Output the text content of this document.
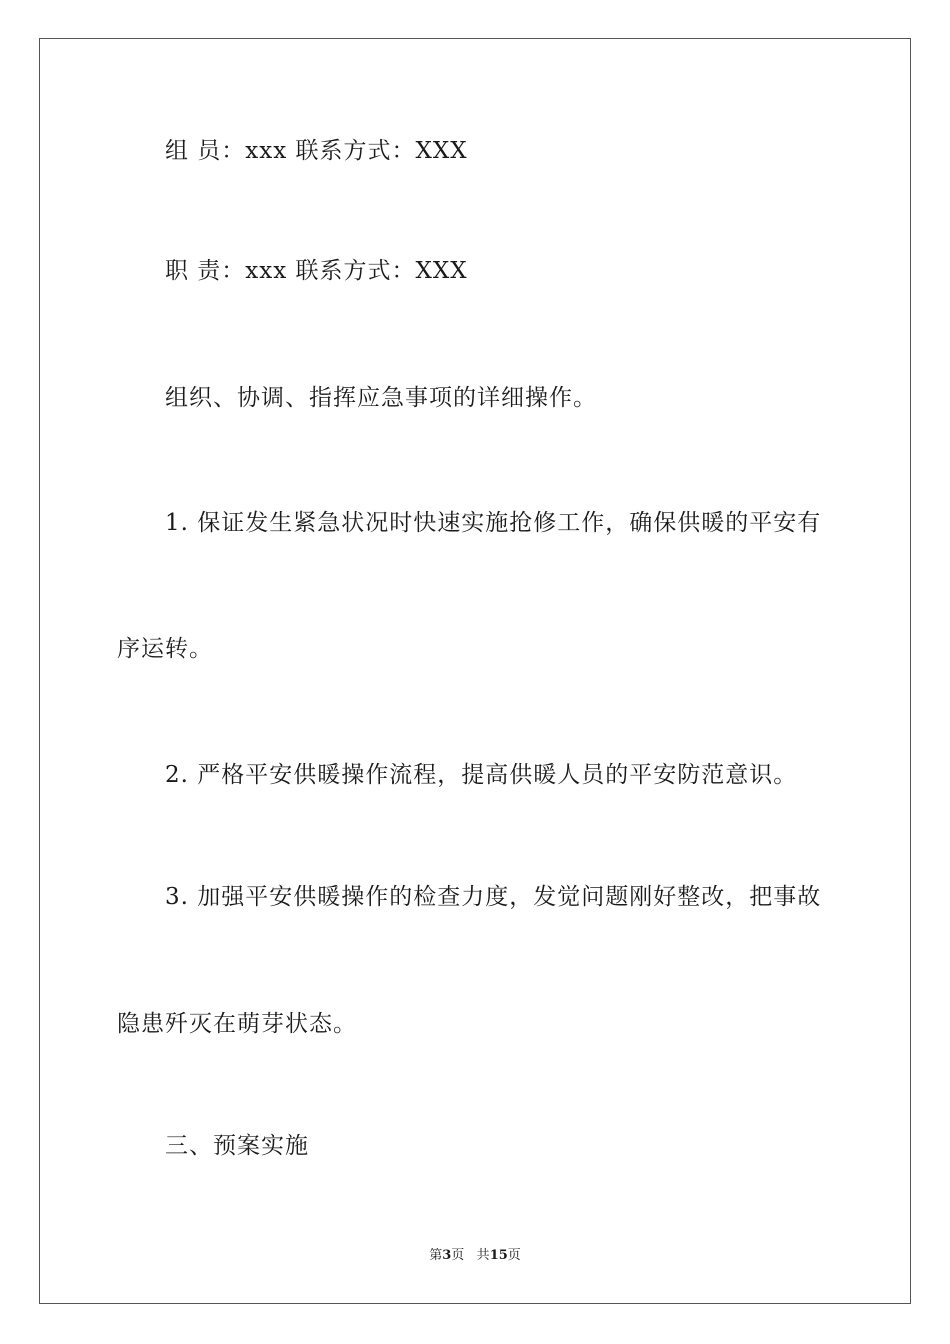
组 员：xxx 联系方式：XXX
职 责：xxx 联系方式：XXX
组织、协调、指挥应急事项的详细操作。
1. 保证发生紧急状况时快速实施抢修工作，确保供暖的平安有
序运转。
2. 严格平安供暖操作流程，提高供暖人员的平安防范意识。
3. 加强平安供暖操作的检查力度，发觉问题刚好整改，把事故
隐患歼灭在萌芽状态。
三、预案实施
第3页 共15页
